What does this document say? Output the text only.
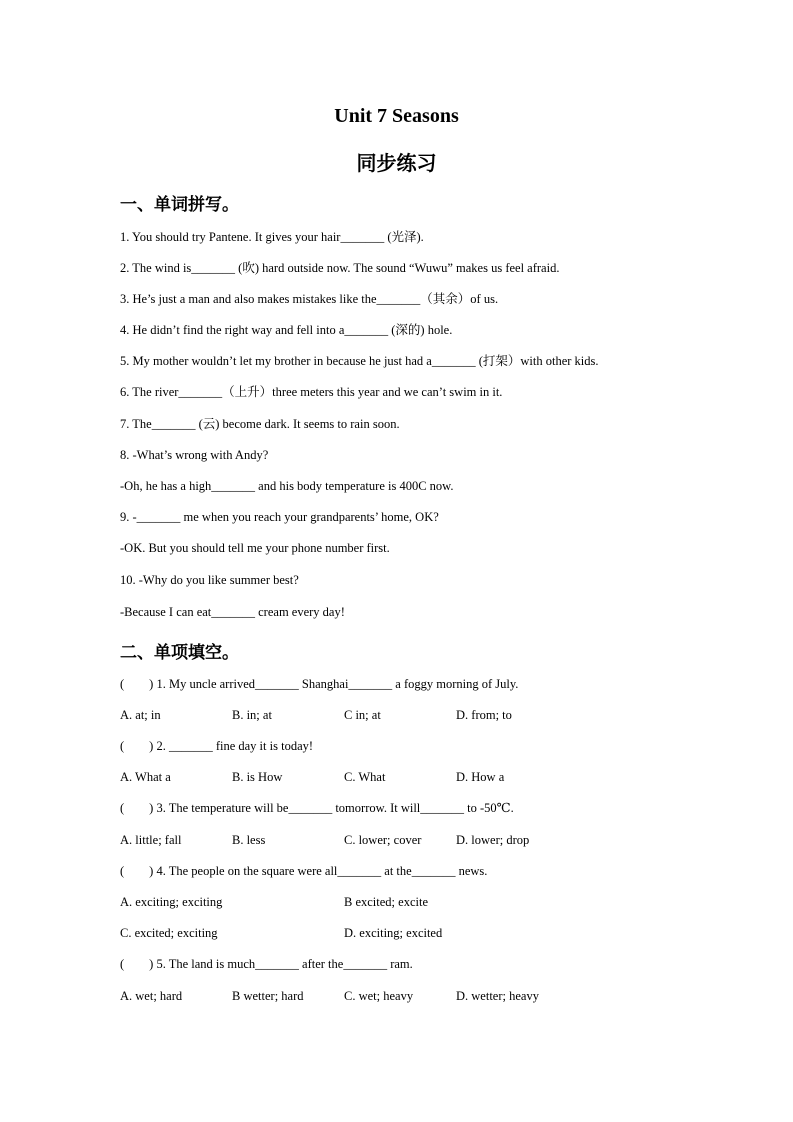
Unit 7 Seasons
同步练习
一、单词拼写。
1. You should try Pantene. It gives your hair_______ (光泽).
2. The wind is_______ (吹) hard outside now. The sound “Wuwu” makes us feel afraid.
3. He’s just a man and also makes mistakes like the_______（其余）of us.
4. He didn’t find the right way and fell into a_______ (深的) hole.
5. My mother wouldn’t let my brother in because he just had a_______ (打架）with other kids.
6. The river_______（上升）three meters this year and we can’t swim in it.
7. The_______ (云) become dark. It seems to rain soon.
8. -What’s wrong with Andy?
-Oh, he has a high_______ and his body temperature is 400C now.
9. -_______ me when you reach your grandparents’ home, OK?
-OK. But you should tell me your phone number first.
10. -Why do you like summer best?
-Because I can eat_______ cream every day!
二、单项填空。
(        ) 1. My uncle arrived_______ Shanghai_______ a foggy morning of July.
A. at; in	B. in; at	C in; at	D. from; to
(        ) 2. _______ fine day it is today!
A. What a	B. is How	C. What	D. How a
(        ) 3. The temperature will be_______ tomorrow. It will_______ to -50℃.
A. little; fall	B. less	C. lower; cover	D. lower; drop
(        ) 4. The people on the square were all_______ at the_______ news.
A. exciting; exciting	B excited; excite
C. excited; exciting	D. exciting; excited
(        ) 5. The land is much_______ after the_______ ram.
A. wet; hard	B wetter; hard	C. wet; heavy	D. wetter; heavy
